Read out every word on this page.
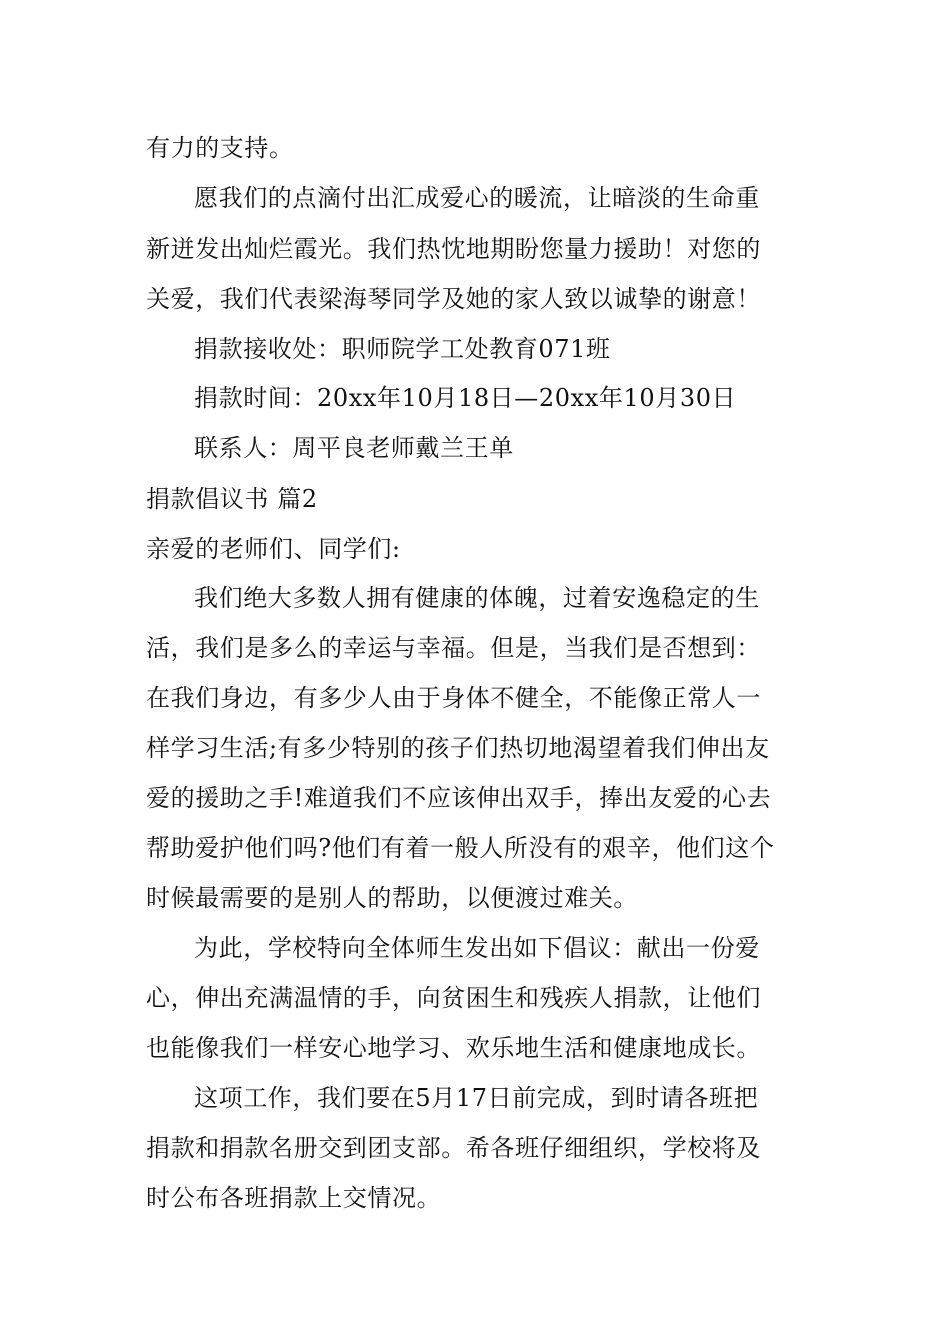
有力的支持。
愿我们的点滴付出汇成爱心的暖流，让暗淡的生命重
新迸发出灿烂霞光。我们热忱地期盼您量力援助！对您的
关爱，我们代表梁海琴同学及她的家人致以诚挚的谢意！
捐款接收处：职师院学工处教育071班
捐款时间：20xx年10月18日—20xx年10月30日
联系人：周平良老师戴兰王单
捐款倡议书 篇2
亲爱的老师们、同学们:
我们绝大多数人拥有健康的体魄，过着安逸稳定的生
活，我们是多么的幸运与幸福。但是，当我们是否想到：
在我们身边，有多少人由于身体不健全，不能像正常人一
样学习生活;有多少特别的孩子们热切地渴望着我们伸出友
爱的援助之手!难道我们不应该伸出双手，捧出友爱的心去
帮助爱护他们吗?他们有着一般人所没有的艰辛，他们这个
时候最需要的是别人的帮助，以便渡过难关。
为此，学校特向全体师生发出如下倡议：献出一份爱
心，伸出充满温情的手，向贫困生和残疾人捐款，让他们
也能像我们一样安心地学习、欢乐地生活和健康地成长。
这项工作，我们要在5月17日前完成，到时请各班把
捐款和捐款名册交到团支部。希各班仔细组织，学校将及
时公布各班捐款上交情况。
